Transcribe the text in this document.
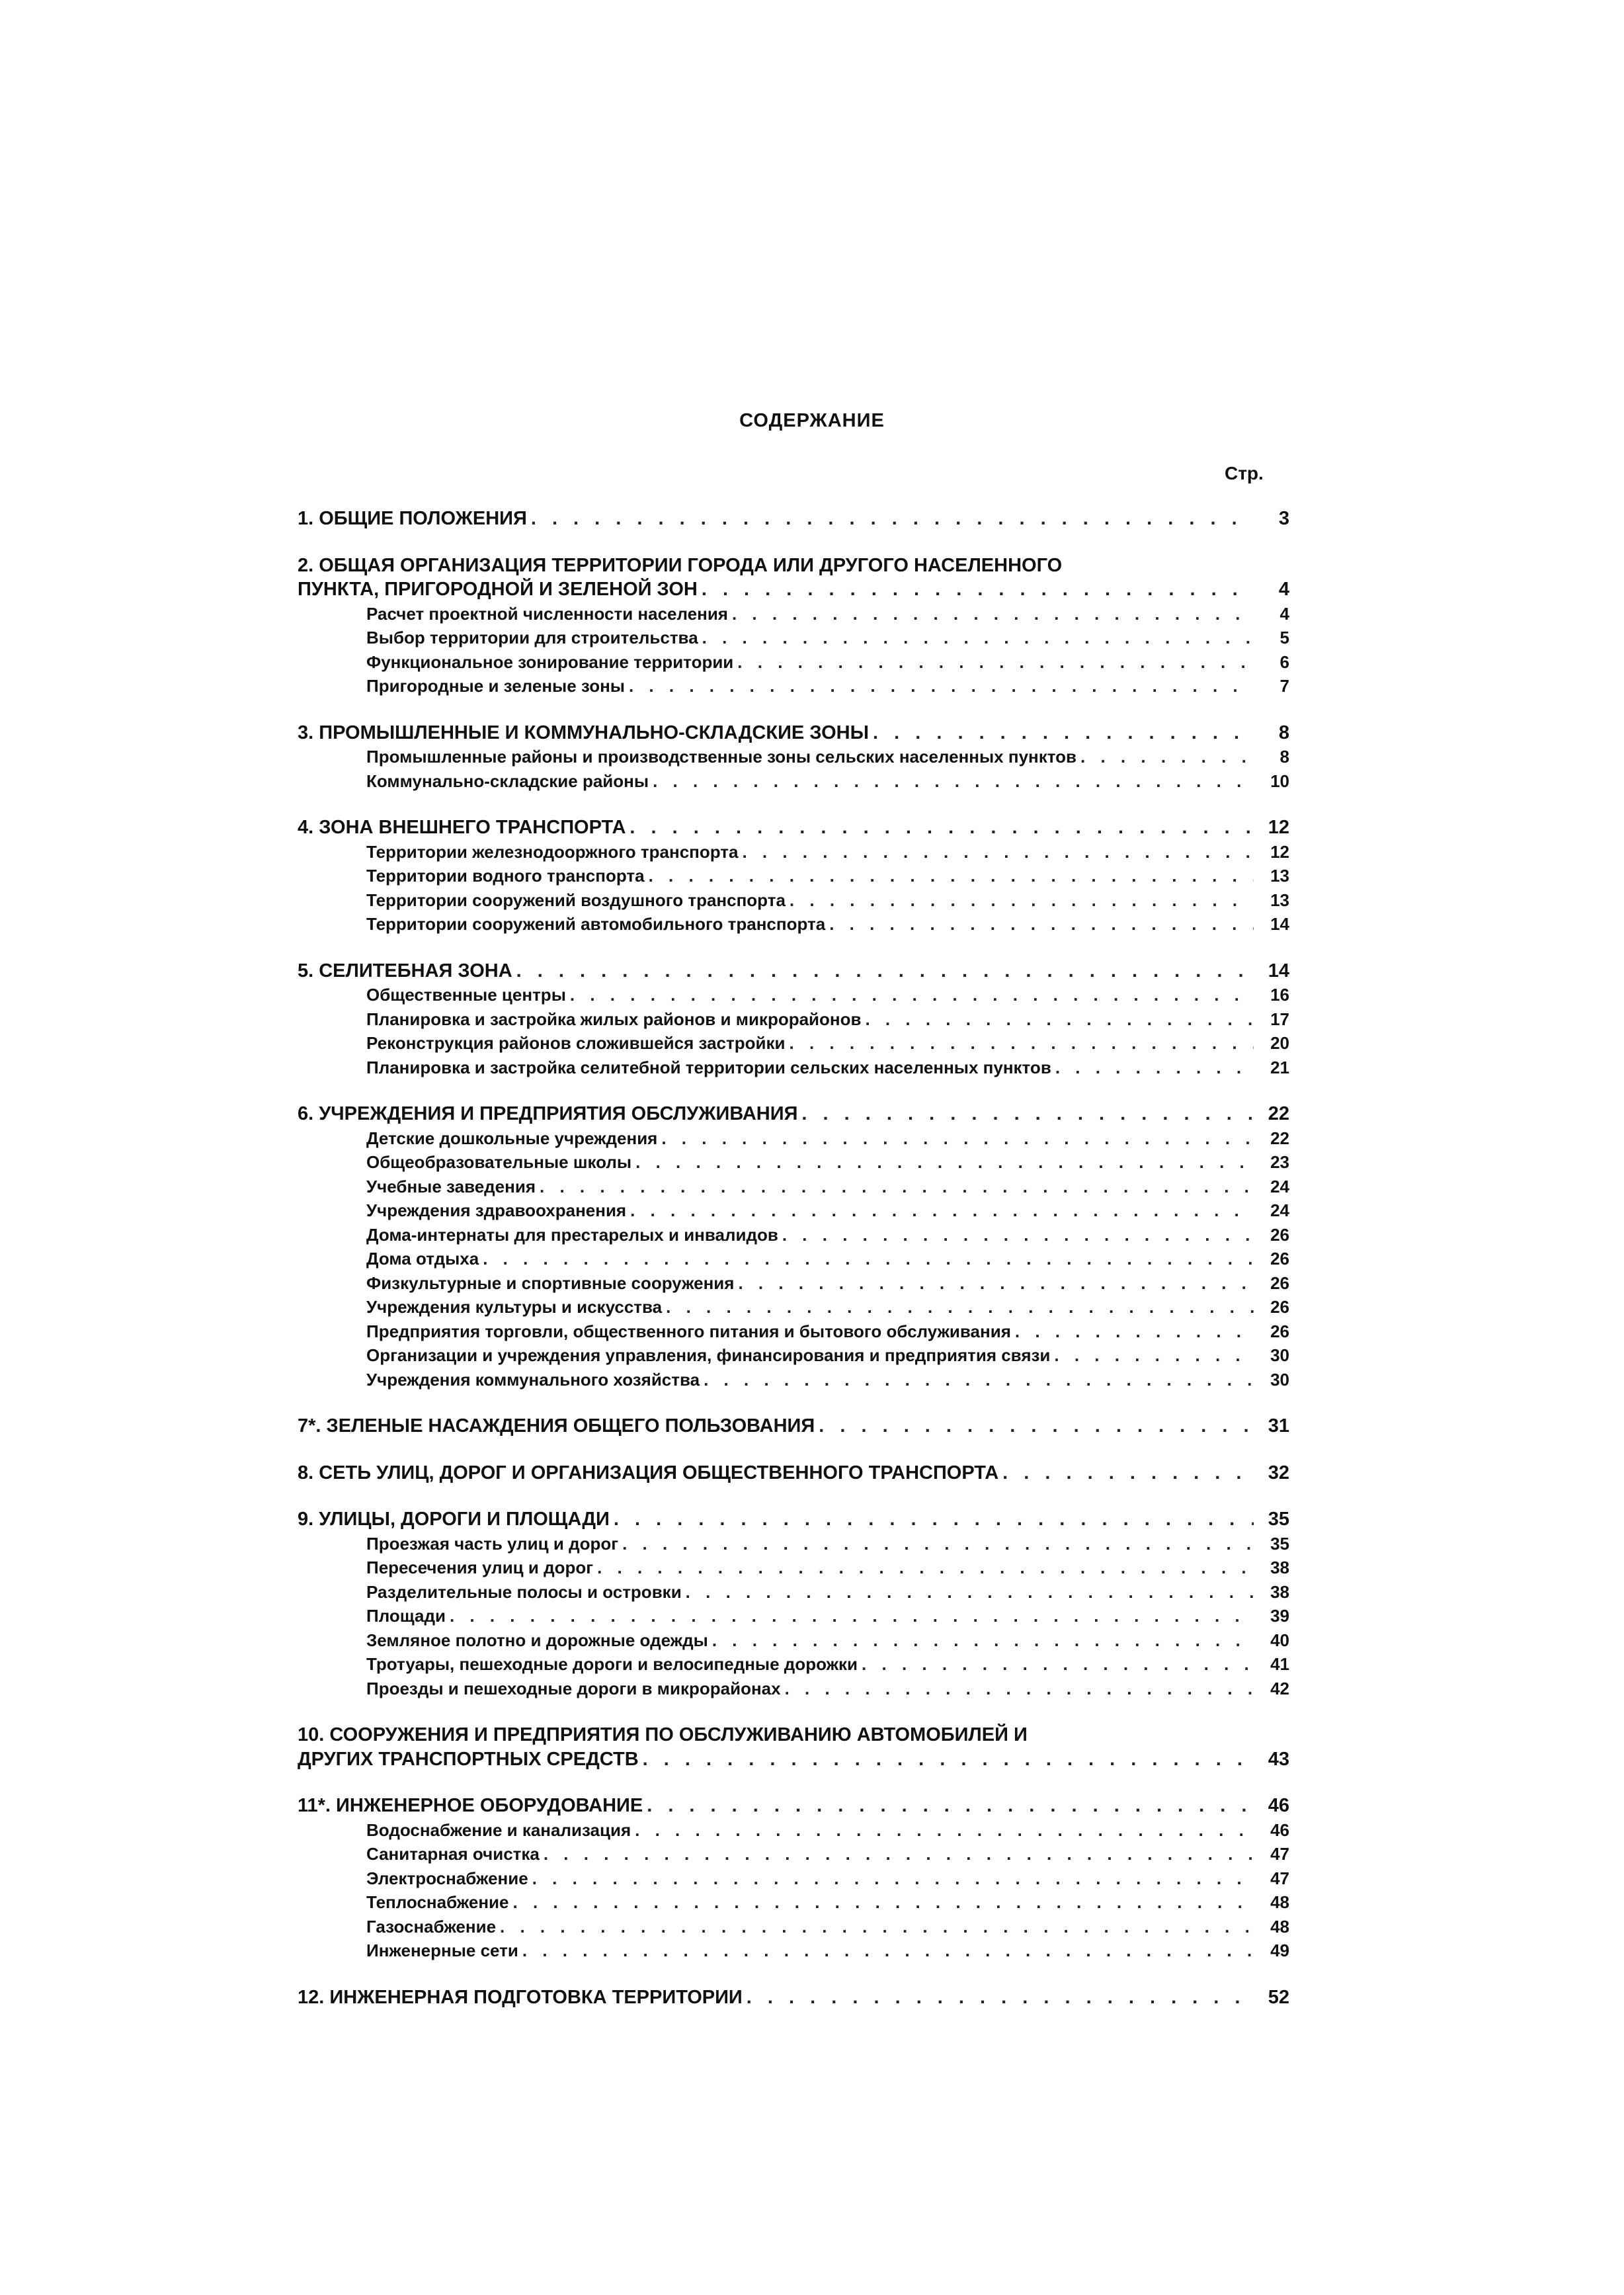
СОДЕРЖАНИЕ
Стр.
1. ОБЩИЕ ПОЛОЖЕНИЯ . . .	3
2. ОБЩАЯ ОРГАНИЗАЦИЯ ТЕРРИТОРИИ ГОРОДА ИЛИ ДРУГОГО НАСЕЛЕННОГО
ПУНКТА, ПРИГОРОДНОЙ И ЗЕЛЕНОЙ ЗОН . . .	4
Расчет проектной численности населения . . .	4
Выбор территории для строительства . . .	5
Функциональное зонирование территории . . .	6
Пригородные и зеленые зоны . . .	7
3. ПРОМЫШЛЕННЫЕ И КОММУНАЛЬНО-СКЛАДСКИЕ ЗОНЫ . . .	8
Промышленные районы и производственные зоны сельских населенных пунктов . . .	8
Коммунально-складские районы . . .	10
4. ЗОНА ВНЕШНЕГО ТРАНСПОРТА . . .	12
Территории железнодооржного транспорта . . .	12
Территории водного транспорта . . .	13
Территории сооружений воздушного транспорта . . .	13
Территории сооружений автомобильного транспорта . . .	14
5. СЕЛИТЕБНАЯ ЗОНА . . .	14
Общественные центры . . .	16
Планировка и застройка жилых районов и микрорайонов . . .	17
Реконструкция районов сложившейся застройки . . .	20
Планировка и застройка селитебной территории сельских населенных пунктов . . .	21
6. УЧРЕЖДЕНИЯ И ПРЕДПРИЯТИЯ ОБСЛУЖИВАНИЯ . . .	22
Детские дошкольные учреждения . . .	22
Общеобразовательные школы . . .	23
Учебные заведения . . .	24
Учреждения здравоохранения . . .	24
Дома-интернаты для престарелых и инвалидов . . .	26
Дома отдыха . . .	26
Физкультурные и спортивные сооружения . . .	26
Учреждения культуры и искусства . . .	26
Предприятия торговли, общественного питания и бытового обслуживания . . .	26
Организации и учреждения управления, финансирования и предприятия связи . . .	30
Учреждения коммунального хозяйства . . .	30
7*. ЗЕЛЕНЫЕ НАСАЖДЕНИЯ ОБЩЕГО ПОЛЬЗОВАНИЯ . . .	31
8. СЕТЬ УЛИЦ, ДОРОГ И ОРГАНИЗАЦИЯ ОБЩЕСТВЕННОГО ТРАНСПОРТА . . .	32
9. УЛИЦЫ, ДОРОГИ И ПЛОЩАДИ . . .	35
Проезжая часть улиц и дорог . . .	35
Пересечения улиц и дорог . . .	38
Разделительные полосы и островки . . .	38
Площади . . .	39
Земляное полотно и дорожные одежды . . .	40
Тротуары, пешеходные дороги и велосипедные дорожки . . .	41
Проезды и пешеходные дороги в микрорайонах . . .	42
10. СООРУЖЕНИЯ И ПРЕДПРИЯТИЯ ПО ОБСЛУЖИВАНИЮ АВТОМОБИЛЕЙ И
ДРУГИХ ТРАНСПОРТНЫХ СРЕДСТВ . . .	43
11*. ИНЖЕНЕРНОЕ ОБОРУДОВАНИЕ . . .	46
Водоснабжение и канализация . . .	46
Санитарная очистка . . .	47
Электроснабжение . . .	47
Теплоснабжение . . .	48
Газоснабжение . . .	48
Инженерные сети . . .	49
12. ИНЖЕНЕРНАЯ ПОДГОТОВКА ТЕРРИТОРИИ . . .	52
